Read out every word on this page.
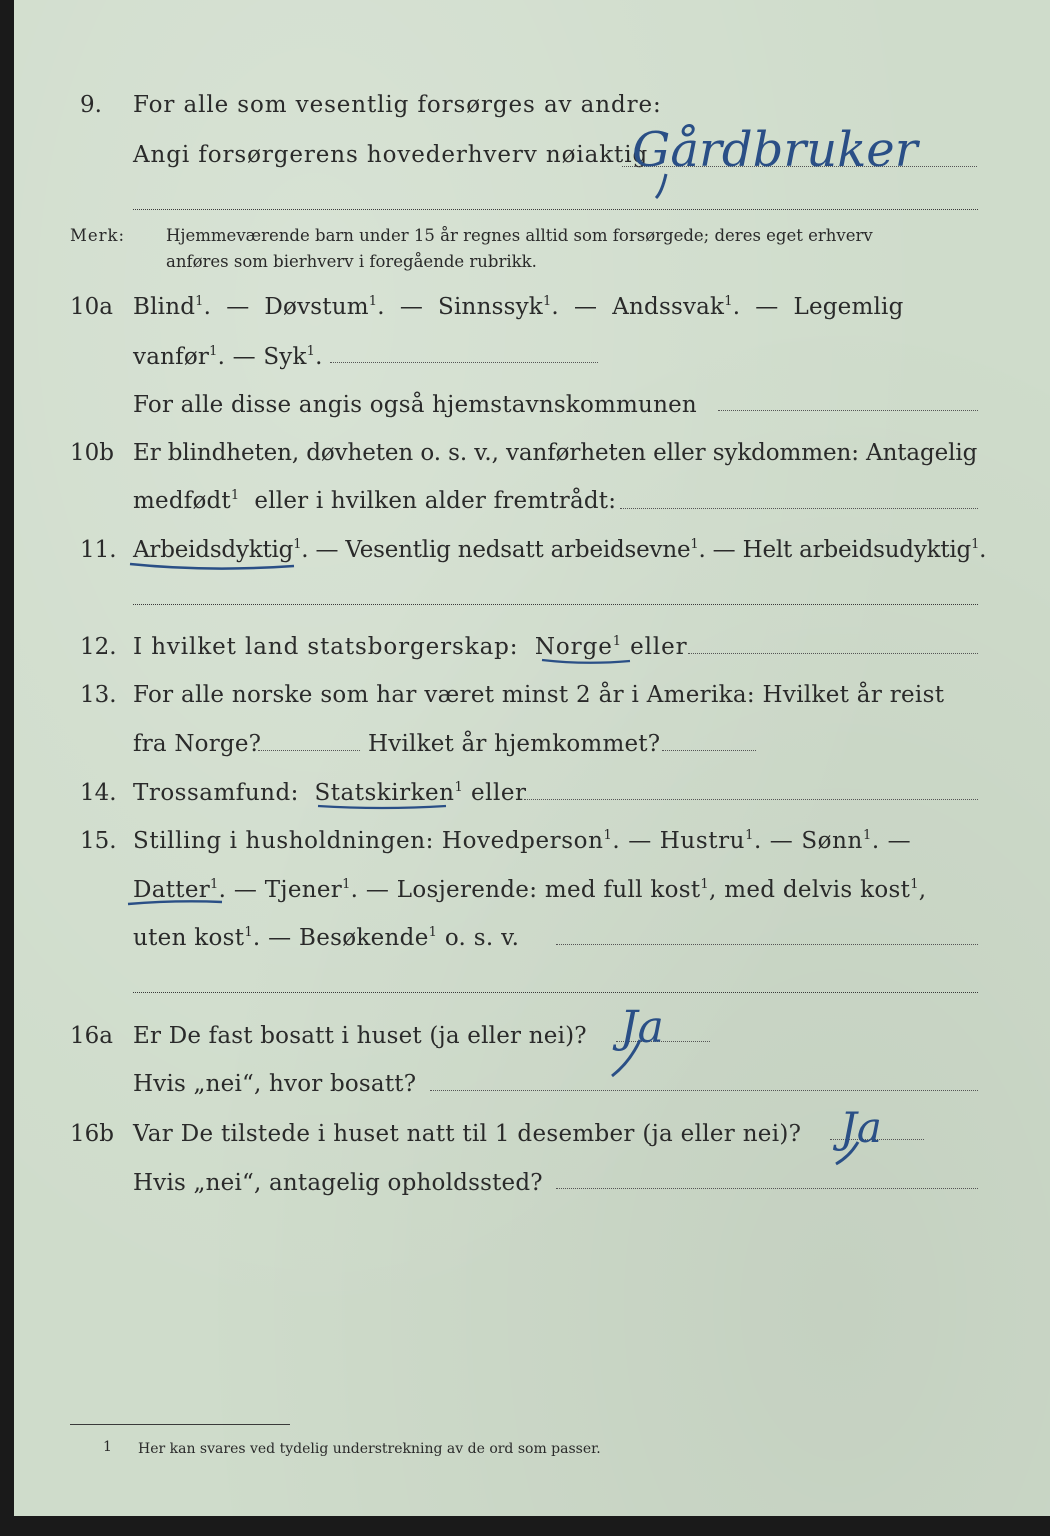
9. For alle som vesentlig forsørges av andre:
Angi forsørgerens hovederhverv nøiaktig
Gårdbruker
Merk: Hjemmeværende barn under 15 år regnes alltid som forsørgede; deres eget erhverv
anføres som bierhverv i foregående rubrikk.
10a Blind$^1$. — Døvstum$^1$. — Sinnssyk$^1$. — Andssvak$^1$. — Legemlig
vanfør$^1$. — Syk$^1$.
For alle disse angis også hjemstavnskommunen
10b Er blindheten, døvheten o. s. v., vanførheten eller sykdommen: Antagelig
medfødt$^1$ eller i hvilken alder fremtrådt:
11. Arbeidsdyktig$^1$. — Vesentlig nedsatt arbeidsevne$^1$. — Helt arbeidsudyktig$^1$.
12. I hvilket land statsborgerskap: Norge$^1$ eller
13. For alle norske som har været minst 2 år i Amerika: Hvilket år reist
fra Norge?	Hvilket år hjemkommet?
14. Trossamfund: Statskirken$^1$ eller
15. Stilling i husholdningen: Hovedperson$^1$. — Hustru$^1$. — Sønn$^1$. —
Datter$^1$. — Tjener$^1$. — Losjerende: med full kost$^1$, med delvis kost$^1$,
uten kost$^1$. — Besøkende$^1$ o. s. v.
16a Er De fast bosatt i huset (ja eller nei)? Ja
Hvis „nei“, hvor bosatt?
16b Var De tilstede i huset natt til 1 desember (ja eller nei)? Ja
Hvis „nei“, antagelig opholdssted?
1 Her kan svares ved tydelig understrekning av de ord som passer.
